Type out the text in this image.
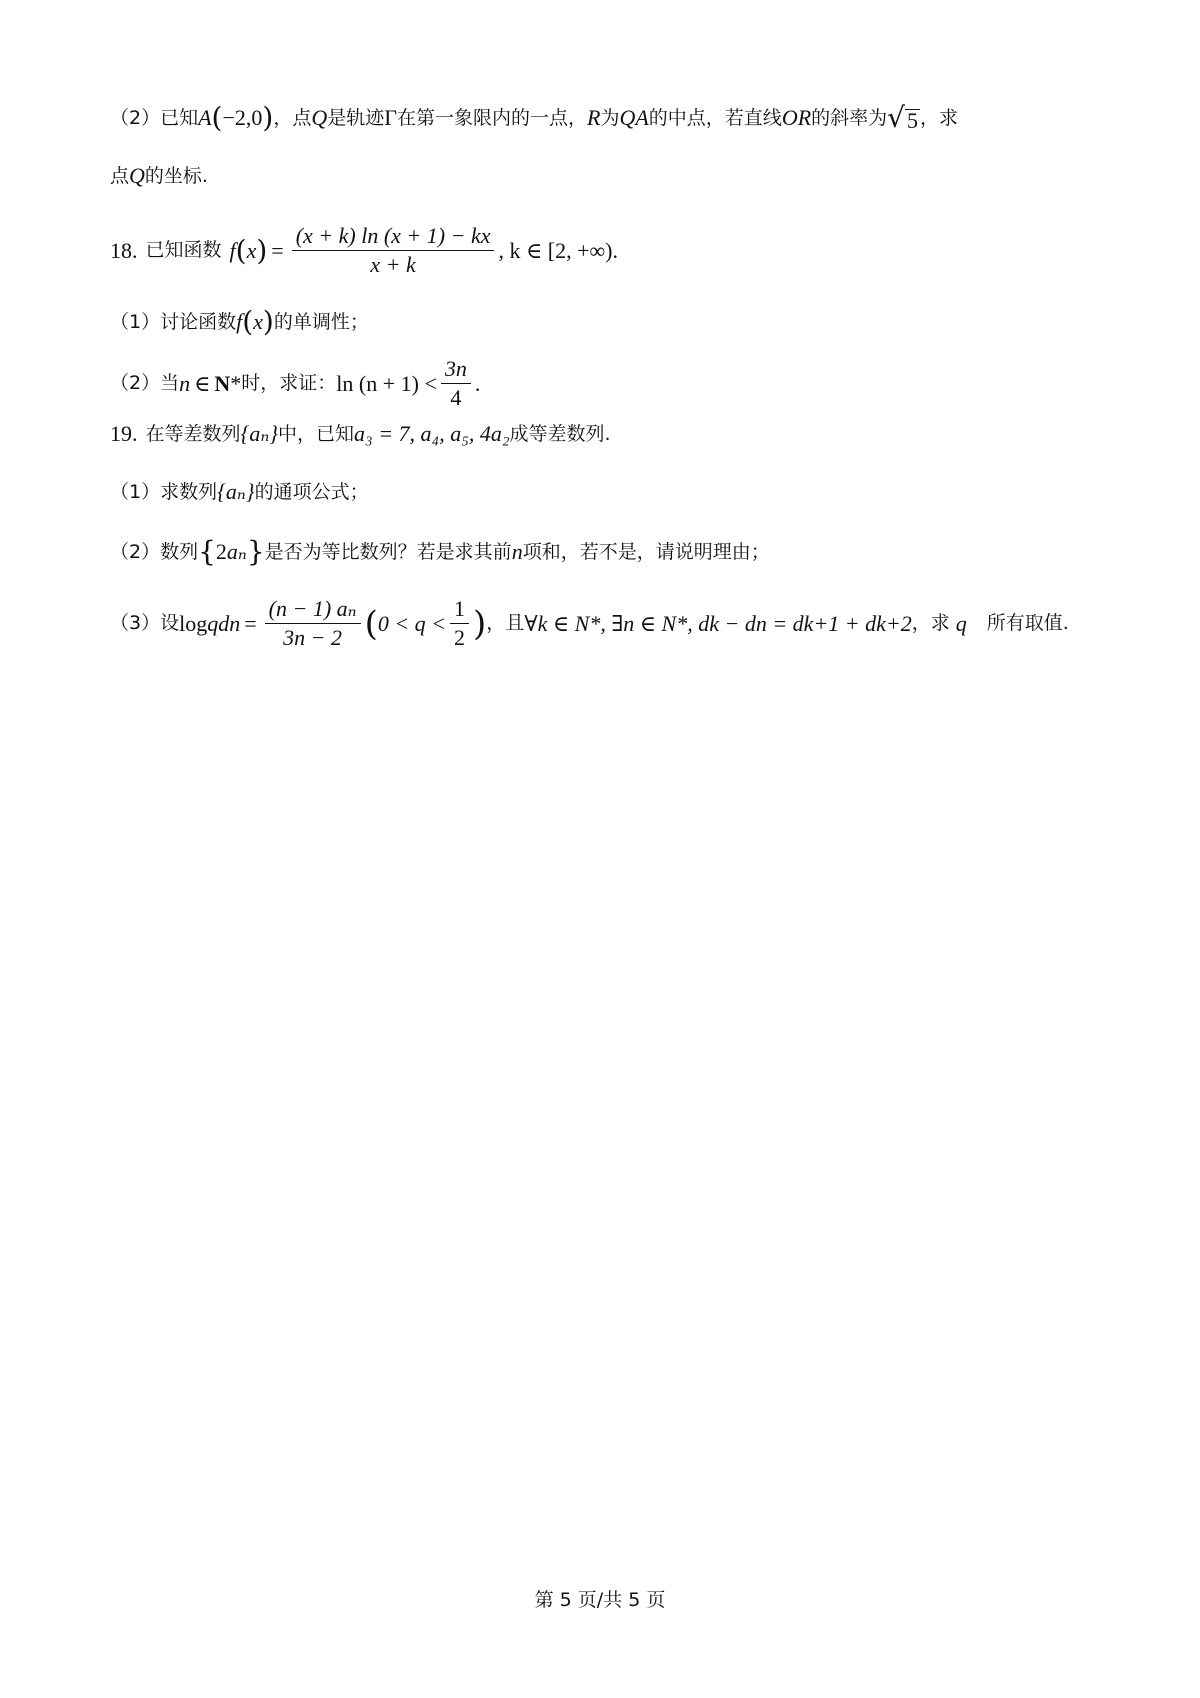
（2）已知 A ( −2,0 ) ，点 Q 是轨迹 Γ 在第一象限内的一点， R 为 QA 的中点，若直线 OR 的斜率为 √ 5 ，求
点 Q 的坐标.
18. 已知函数 f ( x ) = $\frac{(x + k) \ln (x + 1) - kx}{x + k}$ , k ∈ [2, +∞).
（1）讨论函数 f ( x ) 的单调性；
（2）当 n ∈ N * 时，求证： $\ln (n + 1) < \frac{3n}{4}$ .
19. 在等差数列 {aₙ} 中，已知 a₃ = 7, a₄, a₅, 4a₂ 成等差数列.
（1）求数列 {aₙ} 的通项公式；
（2）数列 { 2 aₙ } 是否为等比数列？若是求其前 n 项和，若不是，请说明理由；
（3）设 log q d $n = \frac{\text{(n − 1) aₙ}}{3n - 2}$ ( $0 < q < \frac{1}{2}$ ) ，且 ∀k ∈ N*, ∃n ∈ N*, d k − dn = dk+1 + dk+2 ，求 q 所有取值.
第 5 页/共 5 页
